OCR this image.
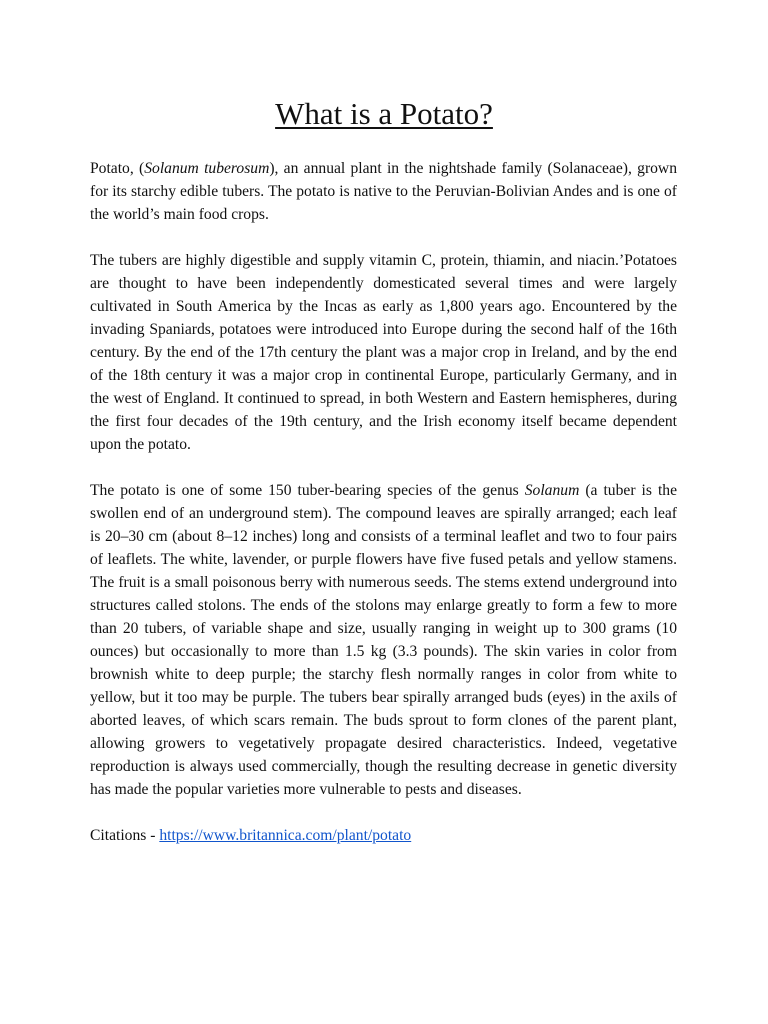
What is a Potato?

Potato, (Solanum tuberosum), an annual plant in the nightshade family (Solanaceae), grown for its starchy edible tubers. The potato is native to the Peruvian-Bolivian Andes and is one of the world’s main food crops.

The tubers are highly digestible and supply vitamin C, protein, thiamin, and niacin.’Potatoes are thought to have been independently domesticated several times and were largely cultivated in South America by the Incas as early as 1,800 years ago. Encountered by the invading Spaniards, potatoes were introduced into Europe during the second half of the 16th century. By the end of the 17th century the plant was a major crop in Ireland, and by the end of the 18th century it was a major crop in continental Europe, particularly Germany, and in the west of England. It continued to spread, in both Western and Eastern hemispheres, during the first four decades of the 19th century, and the Irish economy itself became dependent upon the potato.

The potato is one of some 150 tuber-bearing species of the genus Solanum (a tuber is the swollen end of an underground stem). The compound leaves are spirally arranged; each leaf is 20–30 cm (about 8–12 inches) long and consists of a terminal leaflet and two to four pairs of leaflets. The white, lavender, or purple flowers have five fused petals and yellow stamens. The fruit is a small poisonous berry with numerous seeds. The stems extend underground into structures called stolons. The ends of the stolons may enlarge greatly to form a few to more than 20 tubers, of variable shape and size, usually ranging in weight up to 300 grams (10 ounces) but occasionally to more than 1.5 kg (3.3 pounds). The skin varies in color from brownish white to deep purple; the starchy flesh normally ranges in color from white to yellow, but it too may be purple. The tubers bear spirally arranged buds (eyes) in the axils of aborted leaves, of which scars remain. The buds sprout to form clones of the parent plant, allowing growers to vegetatively propagate desired characteristics. Indeed, vegetative reproduction is always used commercially, though the resulting decrease in genetic diversity has made the popular varieties more vulnerable to pests and diseases.

Citations - https://www.britannica.com/plant/potato
